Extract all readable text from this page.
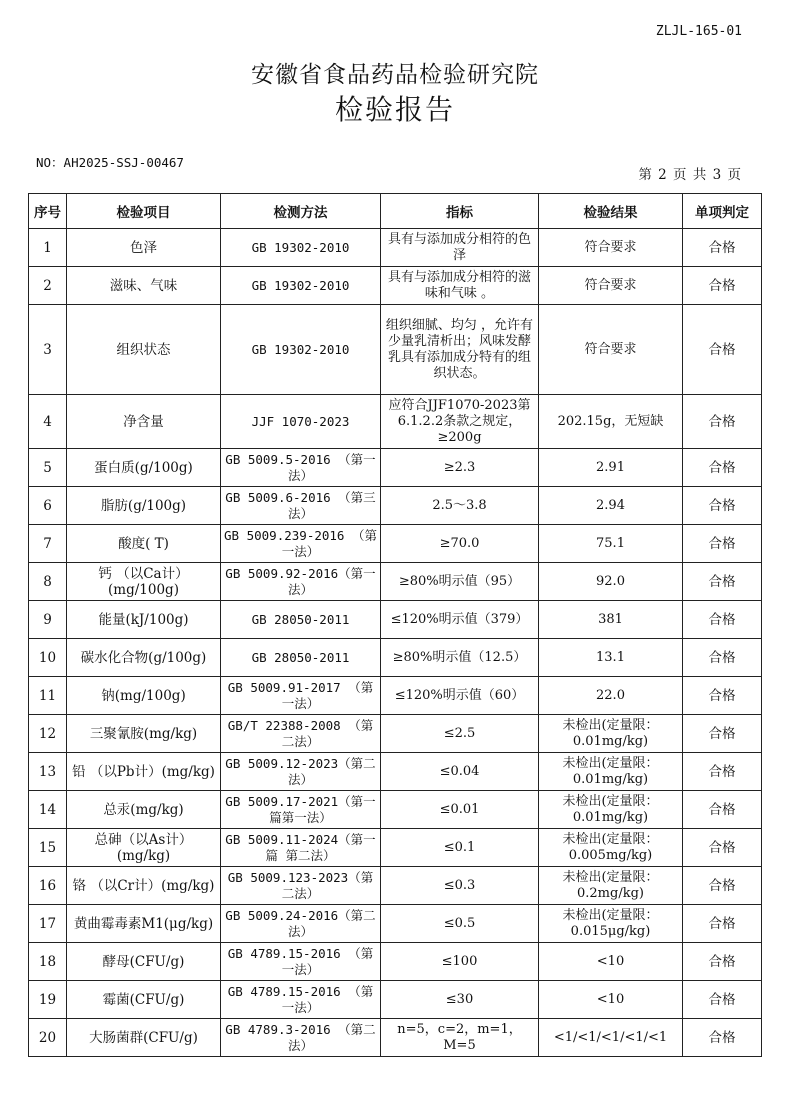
ZLJL-165-01
安徽省食品药品检验研究院
检验报告
NO：AH2025-SSJ-00467
第 2 页 共 3 页
序号	检验项目	检测方法	指标	检验结果	单项判定
1	色泽	GB 19302-2010	具有与添加成分相符的色泽	符合要求	合格
2	滋味、气味	GB 19302-2010	具有与添加成分相符的滋味和气味 。	符合要求	合格
3	组织状态	GB 19302-2010	组织细腻、均匀 ，允许有少量乳清析出；风味发酵乳具有添加成分特有的组织状态。	符合要求	合格
4	净含量	JJF 1070-2023	应符合JJF1070-2023第6.1.2.2条款之规定，≥200g	202.15g，无短缺	合格
5	蛋白质(g/100g)	GB 5009.5-2016 （第一法）	≥2.3	2.91	合格
6	脂肪(g/100g)	GB 5009.6-2016 （第三法）	2.5～3.8	2.94	合格
7	酸度( T)	GB 5009.239-2016 （第一法）	≥70.0	75.1	合格
8	钙 （以Ca计）(mg/100g)	GB 5009.92-2016（第一法）	≥80%明示值（95）	92.0	合格
9	能量(kJ/100g)	GB 28050-2011	≤120%明示值（379）	381	合格
10	碳水化合物(g/100g)	GB 28050-2011	≥80%明示值（12.5）	13.1	合格
11	钠(mg/100g)	GB 5009.91-2017 （第一法）	≤120%明示值（60）	22.0	合格
12	三聚氰胺(mg/kg)	GB/T 22388-2008 （第二法）	≤2.5	未检出(定量限：0.01mg/kg)	合格
13	铅 （以Pb计）(mg/kg)	GB 5009.12-2023（第二法）	≤0.04	未检出(定量限：0.01mg/kg)	合格
14	总汞(mg/kg)	GB 5009.17-2021（第一篇第一法）	≤0.01	未检出(定量限：0.01mg/kg)	合格
15	总砷（以As计）(mg/kg)	GB 5009.11-2024（第一篇 第二法）	≤0.1	未检出(定量限：0.005mg/kg)	合格
16	铬 （以Cr计）(mg/kg)	GB 5009.123-2023（第二法）	≤0.3	未检出(定量限：0.2mg/kg)	合格
17	黄曲霉毒素M1(μg/kg)	GB 5009.24-2016（第二法）	≤0.5	未检出(定量限：0.015μg/kg)	合格
18	酵母(CFU/g)	GB 4789.15-2016 （第一法）	≤100	<10	合格
19	霉菌(CFU/g)	GB 4789.15-2016 （第一法）	≤30	<10	合格
20	大肠菌群(CFU/g)	GB 4789.3-2016 （第二法）	n=5，c=2，m=1，M=5	<1/<1/<1/<1/<1	合格
